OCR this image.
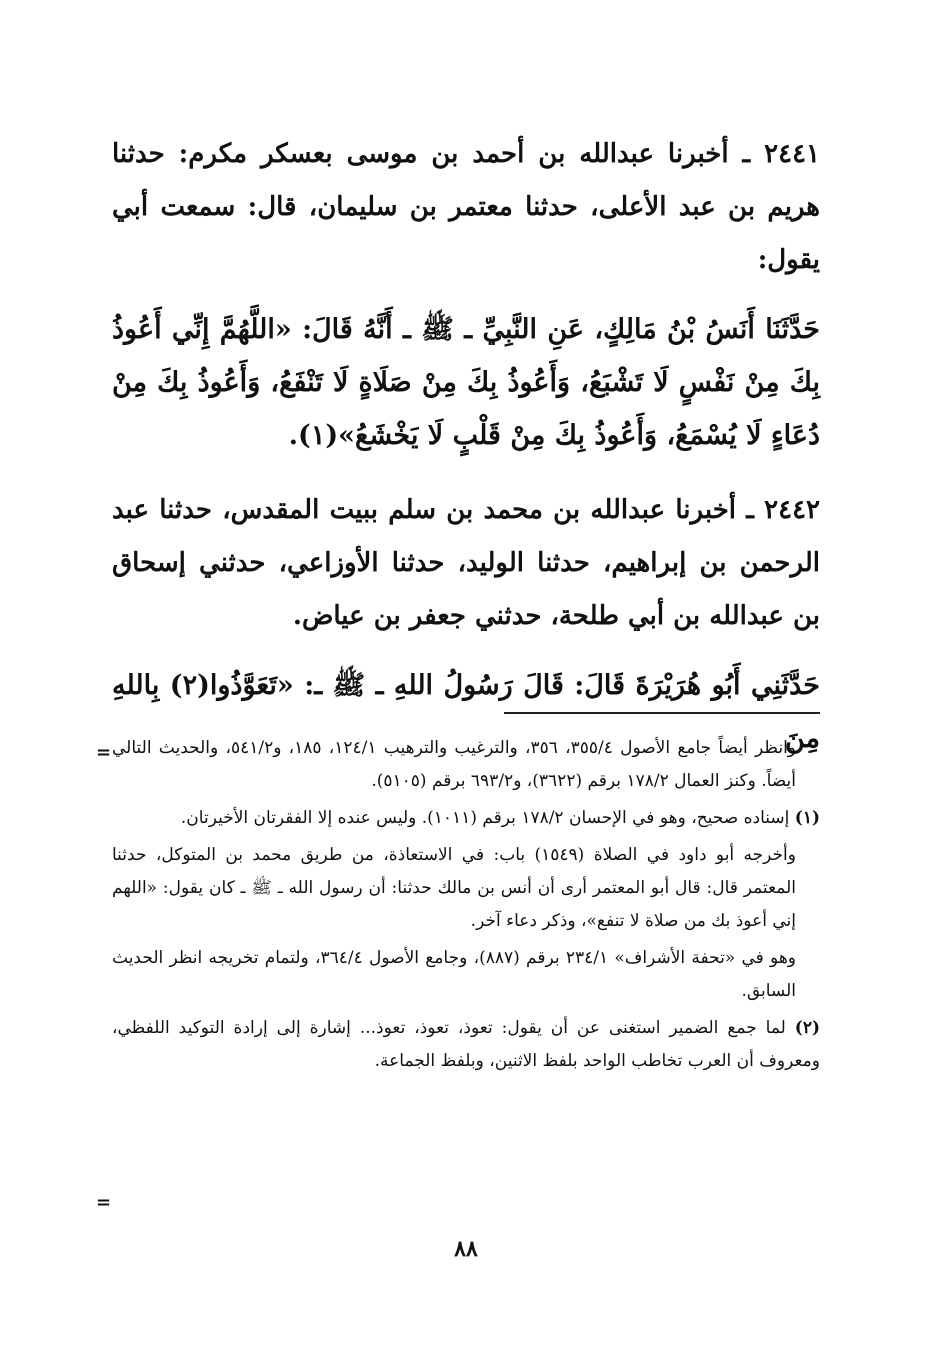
٢٤٤١ ـ أخبرنا عبدالله بن أحمد بن موسى بعسكر مكرم: حدثنا هريم بن عبد الأعلى، حدثنا معتمر بن سليمان، قال: سمعت أبي يقول:

حَدَّثَنَا أَنَسُ بْنُ مَالِكٍ، عَنِ النَّبِيِّ ـ ﷺ ـ أَنَّهُ قَالَ: «اللَّهُمَّ إِنِّي أَعُوذُ بِكَ مِنْ نَفْسٍ لَا تَشْبَعُ، وَأَعُوذُ بِكَ مِنْ صَلَاةٍ لَا تَنْفَعُ، وَأَعُوذُ بِكَ مِنْ دُعَاءٍ لَا يُسْمَعُ، وَأَعُوذُ بِكَ مِنْ قَلْبٍ لَا يَخْشَعُ»(١).

٢٤٤٢ ـ أخبرنا عبدالله بن محمد بن سلم ببيت المقدس، حدثنا عبد الرحمن بن إبراهيم، حدثنا الوليد، حدثنا الأوزاعي، حدثني إسحاق بن عبدالله بن أبي طلحة، حدثني جعفر بن عياض.

حَدَّثَنِي أَبُو هُرَيْرَةَ قَالَ: قَالَ رَسُولُ اللهِ ـ ﷺ ـ: «تَعَوَّذُوا(٢) بِاللهِ مِنَ

= وانظر أيضاً جامع الأصول ٣٥٥/٤، ٣٥٦، والترغيب والترهيب ١٢٤/١، ١٨٥، و٥٤١/٢، والحديث التالي أيضاً. وكنز العمال ١٧٨/٢ برقم (٣٦٢٢)، و٦٩٣/٢ برقم (٥١٠٥).

(١) إسناده صحيح، وهو في الإحسان ١٧٨/٢ برقم (١٠١١). وليس عنده إلا الفقرتان الأخيرتان.

وأخرجه أبو داود في الصلاة (١٥٤٩) باب: في الاستعاذة، من طريق محمد بن المتوكل، حدثنا المعتمر قال: قال أبو المعتمر أرى أن أنس بن مالك حدثنا: أن رسول الله ـ ﷺ ـ كان يقول: «اللهم إني أعوذ بك من صلاة لا تنفع»، وذكر دعاء آخر.

وهو في «تحفة الأشراف» ٢٣٤/١ برقم (٨٨٧)، وجامع الأصول ٣٦٤/٤، ولتمام تخريجه انظر الحديث السابق.

(٢) لما جمع الضمير استغنى عن أن يقول: تعوذ، تعوذ، تعوذ... إشارة إلى إرادة التوكيد اللفظي، ومعروف أن العرب تخاطب الواحد بلفظ الاثنين، وبلفظ الجماعة.

=
٨٨
